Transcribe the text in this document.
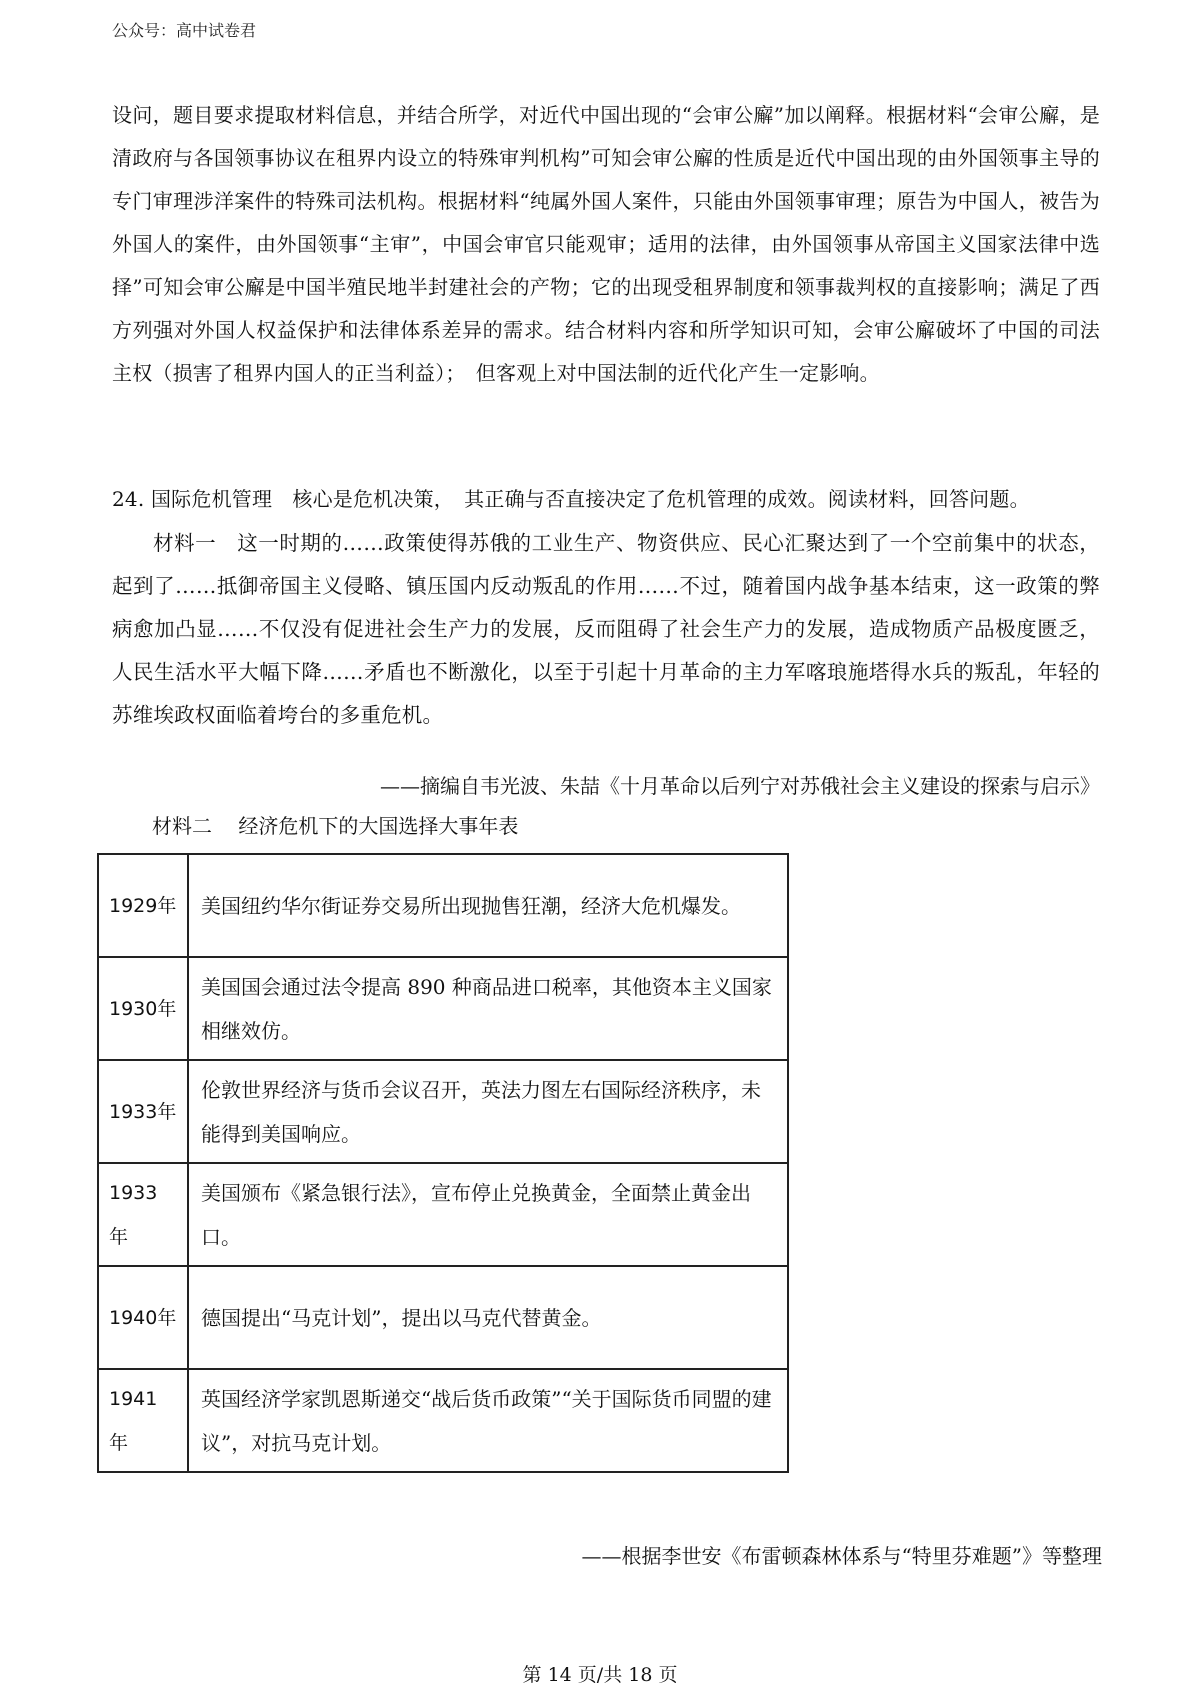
公众号：高中试卷君
设问，题目要求提取材料信息，并结合所学，对近代中国出现的“会审公廨”加以阐释。根据材料“会审公廨，是清政府与各国领事协议在租界内设立的特殊审判机构”可知会审公廨的性质是近代中国出现的由外国领事主导的专门审理涉洋案件的特殊司法机构。根据材料“纯属外国人案件，只能由外国领事审理；原告为中国人，被告为外国人的案件，由外国领事“主审”，中国会审官只能观审；适用的法律，由外国领事从帝国主义国家法律中选择”可知会审公廨是中国半殖民地半封建社会的产物；它的出现受租界制度和领事裁判权的直接影响；满足了西方列强对外国人权益保护和法律体系差异的需求。结合材料内容和所学知识可知，会审公廨破坏了中国的司法主权（损害了租界内国人的正当利益）；　但客观上对中国法制的近代化产生一定影响。
24. 国际危机管理　核心是危机决策，　其正确与否直接决定了危机管理的成效。阅读材料，回答问题。
材料一　这一时期的……政策使得苏俄的工业生产、物资供应、民心汇聚达到了一个空前集中的状态，起到了……抵御帝国主义侵略、镇压国内反动叛乱的作用……不过，随着国内战争基本结束，这一政策的弊病愈加凸显……不仅没有促进社会生产力的发展，反而阻碍了社会生产力的发展，造成物质产品极度匮乏，人民生活水平大幅下降……矛盾也不断激化，以至于引起十月革命的主力军喀琅施塔得水兵的叛乱，年轻的苏维埃政权面临着垮台的多重危机。
——摘编自韦光波、朱喆《十月革命以后列宁对苏俄社会主义建设的探索与启示》
材料二　 经济危机下的大国选择大事年表
1929年	美国纽约华尔街证券交易所出现抛售狂潮，经济大危机爆发。
1930年	美国国会通过法令提高 890 种商品进口税率，其他资本主义国家相继效仿。
1933年	伦敦世界经济与货币会议召开，英法力图左右国际经济秩序，未能得到美国响应。
1933 年	美国颁布《紧急银行法》，宣布停止兑换黄金，全面禁止黄金出口。
1940年	德国提出“马克计划”，提出以马克代替黄金。
1941 年	英国经济学家凯恩斯递交“战后货币政策”“关于国际货币同盟的建议”，对抗马克计划。
——根据李世安《布雷顿森林体系与“特里芬难题”》等整理
第 14 页/共 18 页
